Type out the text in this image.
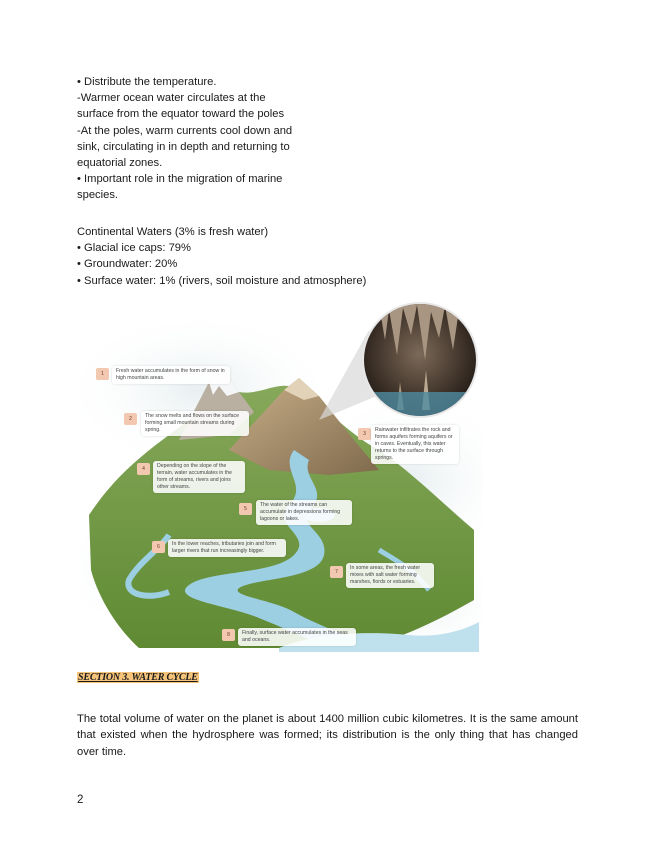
• Distribute the temperature.

-Warmer ocean water circulates at the

surface from the equator toward the poles

-At the poles, warm currents cool down and

sink, circulating in in depth and returning to

equatorial zones.

• Important role in the migration of marine

species.

Continental Waters (3% is fresh water)

• Glacial ice caps: 79%

• Groundwater: 20%

• Surface water: 1% (rivers, soil moisture and atmosphere)

1
2
3
4
5
6
7
8
Fresh water accumulates in the form of snow in high mountain areas.
The snow melts and flows on the surface forming small mountain streams during spring.	Rainwater infiltrates the rock and forms aquifers forming aquifers or in caves. Eventually, this water returns to the surface through springs.
Depending on the slope of the terrain, water accumulates in the form of streams, rivers and joins other streams.
The water of the streams can accumulate in depressions forming lagoons or lakes.
In the lower reaches, tributaries join and form larger rivers that run increasingly bigger.
In some areas, the fresh water mixes with salt water forming marshes, fiords or estuaries.
Finally, surface water accumulates in the seas and oceans.
SECTION 3. WATER CYCLE
The total volume of water on the planet is about 1400 million cubic kilometres. It is the same amount that existed when the hydrosphere was formed; its distribution is the only thing that has changed over time.
2
